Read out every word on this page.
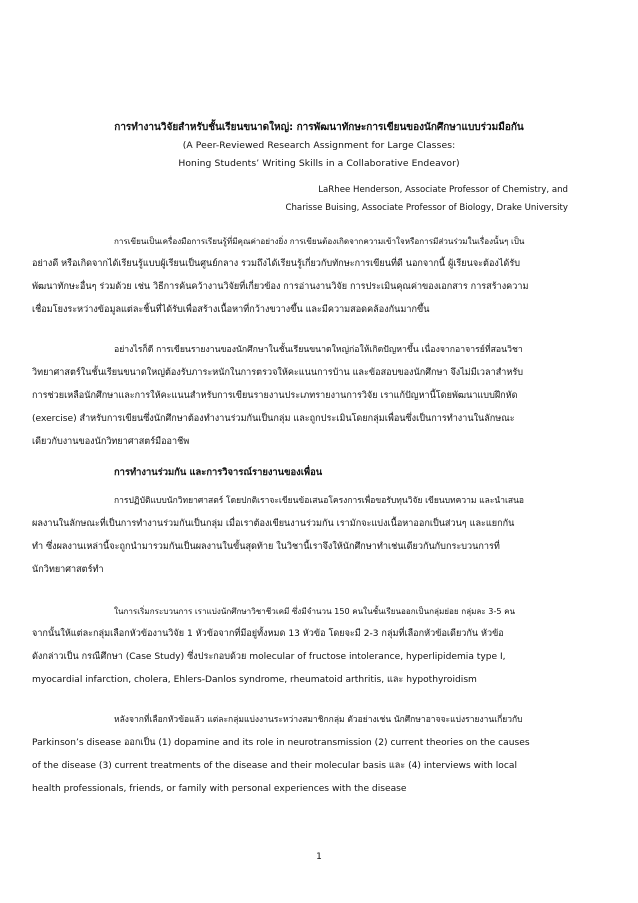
การทำงานวิจัยสำหรับชั้นเรียนขนาดใหญ่: การพัฒนาทักษะการเขียนของนักศึกษาแบบร่วมมือกัน
(A Peer-Reviewed Research Assignment for Large Classes:
Honing Students’ Writing Skills in a Collaborative Endeavor)
LaRhee Henderson, Associate Professor of Chemistry, and
Charisse Buising, Associate Professor of Biology, Drake University
การเขียนเป็นเครื่องมือการเรียนรู้ที่มีคุณค่าอย่างยิ่ง การเขียนต้องเกิดจากความเข้าใจหรือการมีส่วนร่วมในเรื่องนั้นๆ เป็น
อย่างดี หรือเกิดจากได้เรียนรู้แบบผู้เรียนเป็นศูนย์กลาง รวมถึงได้เรียนรู้เกี่ยวกับทักษะการเขียนที่ดี นอกจากนี้ ผู้เรียนจะต้องได้รับ
พัฒนาทักษะอื่นๆ ร่วมด้วย เช่น วิธีการค้นคว้างานวิจัยที่เกี่ยวข้อง การอ่านงานวิจัย การประเมินคุณค่าของเอกสาร การสร้างความ
เชื่อมโยงระหว่างข้อมูลแต่ละชิ้นที่ได้รับเพื่อสร้างเนื้อหาที่กว้างขวางขึ้น และมีความสอดคล้องกันมากขึ้น
อย่างไรก็ดี การเขียนรายงานของนักศึกษาในชั้นเรียนขนาดใหญ่ก่อให้เกิดปัญหาขึ้น เนื่องจากอาจารย์ที่สอนวิชา
วิทยาศาสตร์ในชั้นเรียนขนาดใหญ่ต้องรับภาระหนักในการตรวจให้คะแนนการบ้าน และข้อสอบของนักศึกษา จึงไม่มีเวลาสำหรับ
การช่วยเหลือนักศึกษาและการให้คะแนนสำหรับการเขียนรายงานประเภทรายงานการวิจัย เราแก้ปัญหานี้โดยพัฒนาแบบฝึกหัด
(exercise) สำหรับการเขียนซึ่งนักศึกษาต้องทำงานร่วมกันเป็นกลุ่ม และถูกประเมินโดยกลุ่มเพื่อนซึ่งเป็นการทำงานในลักษณะ
เดียวกับงานของนักวิทยาศาสตร์มืออาชีพ
การทำงานร่วมกัน และการวิจารณ์รายงานของเพื่อน
การปฏิบัติแบบนักวิทยาศาสตร์ โดยปกติเราจะเขียนข้อเสนอโครงการเพื่อขอรับทุนวิจัย เขียนบทความ และนำเสนอ
ผลงานในลักษณะที่เป็นการทำงานร่วมกันเป็นกลุ่ม เมื่อเราต้องเขียนงานร่วมกัน เรามักจะแบ่งเนื้อหาออกเป็นส่วนๆ และแยกกัน
ทำ ซึ่งผลงานเหล่านี้จะถูกนำมารวมกันเป็นผลงานในขั้นสุดท้าย ในวิชานี้เราจึงให้นักศึกษาทำเช่นเดียวกันกับกระบวนการที่
นักวิทยาศาสตร์ทำ
ในการเริ่มกระบวนการ เราแบ่งนักศึกษาวิชาชีวเคมี ซึ่งมีจำนวน 150 คนในชั้นเรียนออกเป็นกลุ่มย่อย กลุ่มละ 3-5 คน
จากนั้นให้แต่ละกลุ่มเลือกหัวข้องานวิจัย 1 หัวข้อจากที่มีอยู่ทั้งหมด 13 หัวข้อ โดยจะมี 2-3 กลุ่มที่เลือกหัวข้อเดียวกัน หัวข้อ
ดังกล่าวเป็น กรณีศึกษา (Case Study) ซึ่งประกอบด้วย molecular of fructose intolerance, hyperlipidemia type I,
myocardial infarction, cholera, Ehlers-Danlos syndrome, rheumatoid arthritis, และ hypothyroidism
หลังจากที่เลือกหัวข้อแล้ว แต่ละกลุ่มแบ่งงานระหว่างสมาชิกกลุ่ม ตัวอย่างเช่น นักศึกษาอาจจะแบ่งรายงานเกี่ยวกับ
Parkinson’s disease ออกเป็น (1) dopamine and its role in neurotransmission (2) current theories on the causes
of the disease (3) current treatments of the disease and their molecular basis และ (4) interviews with local
health professionals, friends, or family with personal experiences with the disease
1
